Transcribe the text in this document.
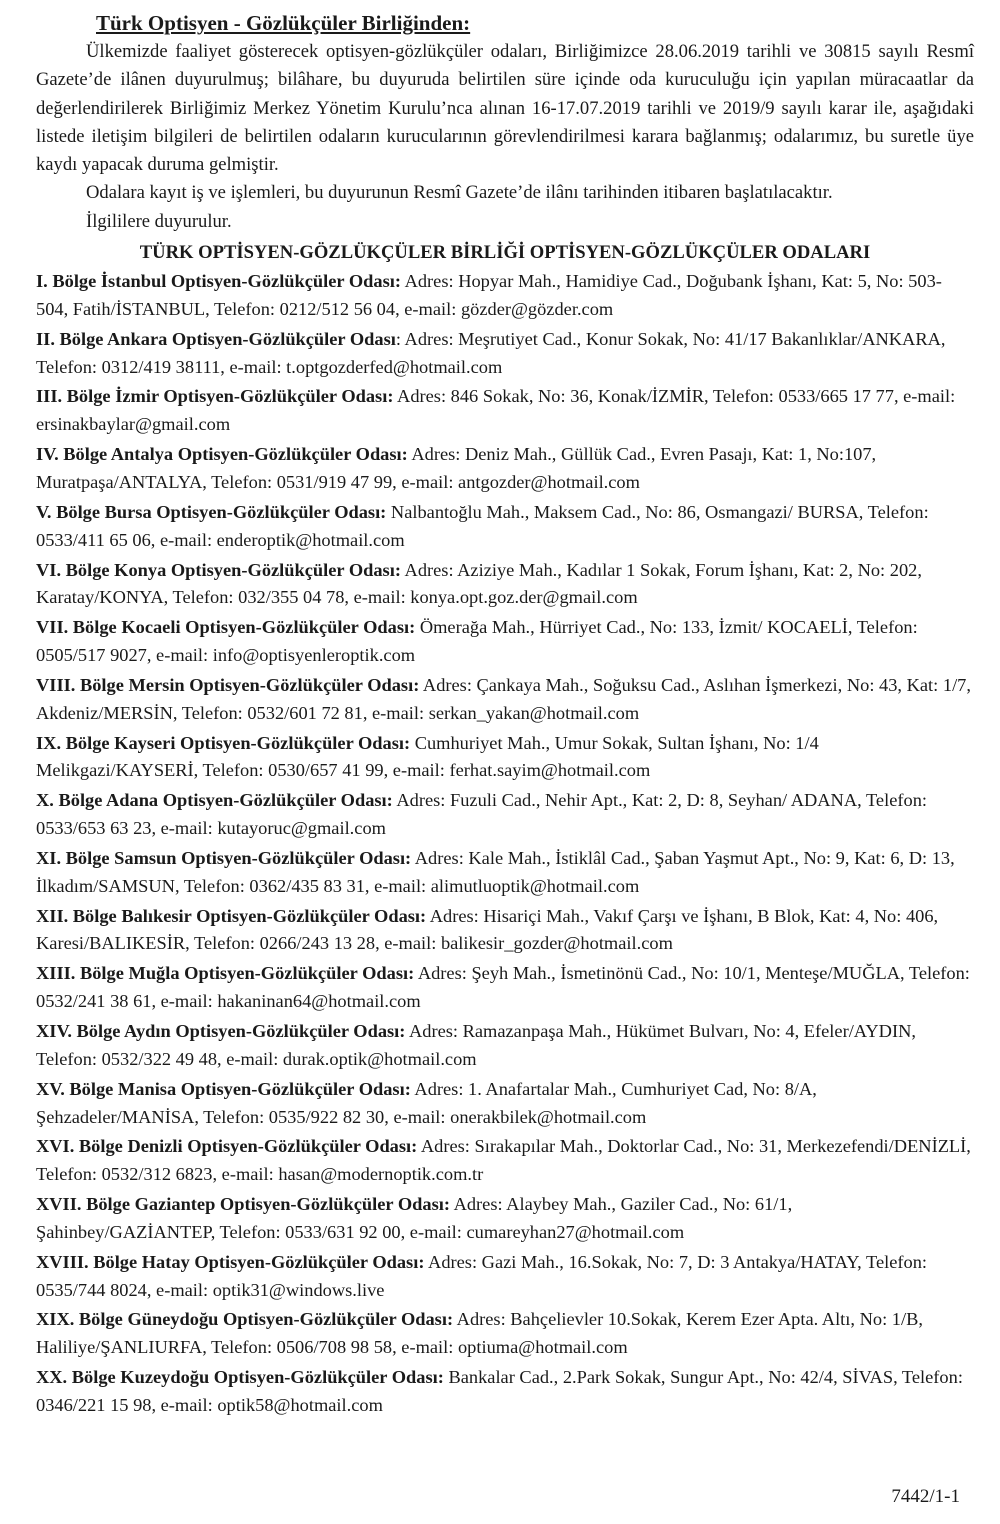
Türk Optisyen - Gözlükçüler Birliğinden:

Ülkemizde faaliyet gösterecek optisyen-gözlükçüler odaları, Birliğimizce 28.06.2019 tarihli ve 30815 sayılı Resmî Gazete’de ilânen duyurulmuş; bilâhare, bu duyuruda belirtilen süre içinde oda kuruculuğu için yapılan müracaatlar da değerlendirilerek Birliğimiz Merkez Yönetim Kurulu’nca alınan 16-17.07.2019 tarihli ve 2019/9 sayılı karar ile, aşağıdaki listede iletişim bilgileri de belirtilen odaların kurucularının görevlendirilmesi karara bağlanmış; odalarımız, bu suretle üye kaydı yapacak duruma gelmiştir.

Odalara kayıt iş ve işlemleri, bu duyurunun Resmî Gazete’de ilânı tarihinden itibaren başlatılacaktır.

İlgililere duyurulur.

TÜRK OPTİSYEN-GÖZLÜKÇÜLER BİRLİĞİ OPTİSYEN-GÖZLÜKÇÜLER ODALARI
I. Bölge İstanbul Optisyen-Gözlükçüler Odası: Adres: Hopyar Mah., Hamidiye Cad., Doğubank İşhanı, Kat: 5, No: 503-504, Fatih/İSTANBUL, Telefon: 0212/512 56 04, e-mail: gözder@gözder.com
II. Bölge Ankara Optisyen-Gözlükçüler Odası: Adres: Meşrutiyet Cad., Konur Sokak, No: 41/17 Bakanlıklar/ANKARA, Telefon: 0312/419 38111, e-mail: t.optgozderfed@hotmail.com
III. Bölge İzmir Optisyen-Gözlükçüler Odası: Adres: 846 Sokak, No: 36, Konak/İZMİR, Telefon: 0533/665 17 77, e-mail: ersinakbaylar@gmail.com
IV. Bölge Antalya Optisyen-Gözlükçüler Odası: Adres: Deniz Mah., Güllük Cad., Evren Pasajı, Kat: 1, No:107, Muratpaşa/ANTALYA, Telefon: 0531/919 47 99, e-mail: antgozder@hotmail.com
V. Bölge Bursa Optisyen-Gözlükçüler Odası: Nalbantoğlu Mah., Maksem Cad., No: 86, Osmangazi/ BURSA, Telefon: 0533/411 65 06, e-mail: enderoptik@hotmail.com
VI. Bölge Konya Optisyen-Gözlükçüler Odası: Adres: Aziziye Mah., Kadılar 1 Sokak, Forum İşhanı, Kat: 2, No: 202, Karatay/KONYA, Telefon: 032/355 04 78, e-mail: konya.opt.goz.der@gmail.com
VII. Bölge Kocaeli Optisyen-Gözlükçüler Odası: Ömerağa Mah., Hürriyet Cad., No: 133, İzmit/ KOCAELİ, Telefon: 0505/517 9027, e-mail: info@optisyenleroptik.com
VIII. Bölge Mersin Optisyen-Gözlükçüler Odası: Adres: Çankaya Mah., Soğuksu Cad., Aslıhan İşmerkezi, No: 43, Kat: 1/7, Akdeniz/MERSİN, Telefon: 0532/601 72 81, e-mail: serkan_yakan@hotmail.com
IX. Bölge Kayseri Optisyen-Gözlükçüler Odası: Cumhuriyet Mah., Umur Sokak, Sultan İşhanı, No: 1/4 Melikgazi/KAYSERİ, Telefon: 0530/657 41 99, e-mail: ferhat.sayim@hotmail.com
X. Bölge Adana Optisyen-Gözlükçüler Odası: Adres: Fuzuli Cad., Nehir Apt., Kat: 2, D: 8, Seyhan/ ADANA, Telefon: 0533/653 63 23, e-mail: kutayoruc@gmail.com
XI. Bölge Samsun Optisyen-Gözlükçüler Odası: Adres: Kale Mah., İstiklâl Cad., Şaban Yaşmut Apt., No: 9, Kat: 6, D: 13, İlkadım/SAMSUN, Telefon: 0362/435 83 31, e-mail: alimutluoptik@hotmail.com
XII. Bölge Balıkesir Optisyen-Gözlükçüler Odası: Adres: Hisariçi Mah., Vakıf Çarşı ve İşhanı, B Blok, Kat: 4, No: 406, Karesi/BALIKESİR, Telefon: 0266/243 13 28, e-mail: balikesir_gozder@hotmail.com
XIII. Bölge Muğla Optisyen-Gözlükçüler Odası: Adres: Şeyh Mah., İsmetinönü Cad., No: 10/1, Menteşe/MUĞLA, Telefon: 0532/241 38 61, e-mail: hakaninan64@hotmail.com
XIV. Bölge Aydın Optisyen-Gözlükçüler Odası: Adres: Ramazanpaşa Mah., Hükümet Bulvarı, No: 4, Efeler/AYDIN, Telefon: 0532/322 49 48, e-mail: durak.optik@hotmail.com
XV. Bölge Manisa Optisyen-Gözlükçüler Odası: Adres: 1. Anafartalar Mah., Cumhuriyet Cad, No: 8/A, Şehzadeler/MANİSA, Telefon: 0535/922 82 30, e-mail: onerakbilek@hotmail.com
XVI. Bölge Denizli Optisyen-Gözlükçüler Odası: Adres: Sırakapılar Mah., Doktorlar Cad., No: 31, Merkezefendi/DENİZLİ, Telefon: 0532/312 6823, e-mail: hasan@modernoptik.com.tr
XVII. Bölge Gaziantep Optisyen-Gözlükçüler Odası: Adres: Alaybey Mah., Gaziler Cad., No: 61/1, Şahinbey/GAZİANTEP, Telefon: 0533/631 92 00, e-mail: cumareyhan27@hotmail.com
XVIII. Bölge Hatay Optisyen-Gözlükçüler Odası: Adres: Gazi Mah., 16.Sokak, No: 7, D: 3 Antakya/HATAY, Telefon: 0535/744 8024, e-mail: optik31@windows.live
XIX. Bölge Güneydoğu Optisyen-Gözlükçüler Odası: Adres: Bahçelievler 10.Sokak, Kerem Ezer Apta. Altı, No: 1/B, Haliliye/ŞANLIURFA, Telefon: 0506/708 98 58, e-mail: optiuma@hotmail.com
XX. Bölge Kuzeydoğu Optisyen-Gözlükçüler Odası: Bankalar Cad., 2.Park Sokak, Sungur Apt., No: 42/4, SİVAS, Telefon: 0346/221 15 98, e-mail: optik58@hotmail.com
7442/1-1
